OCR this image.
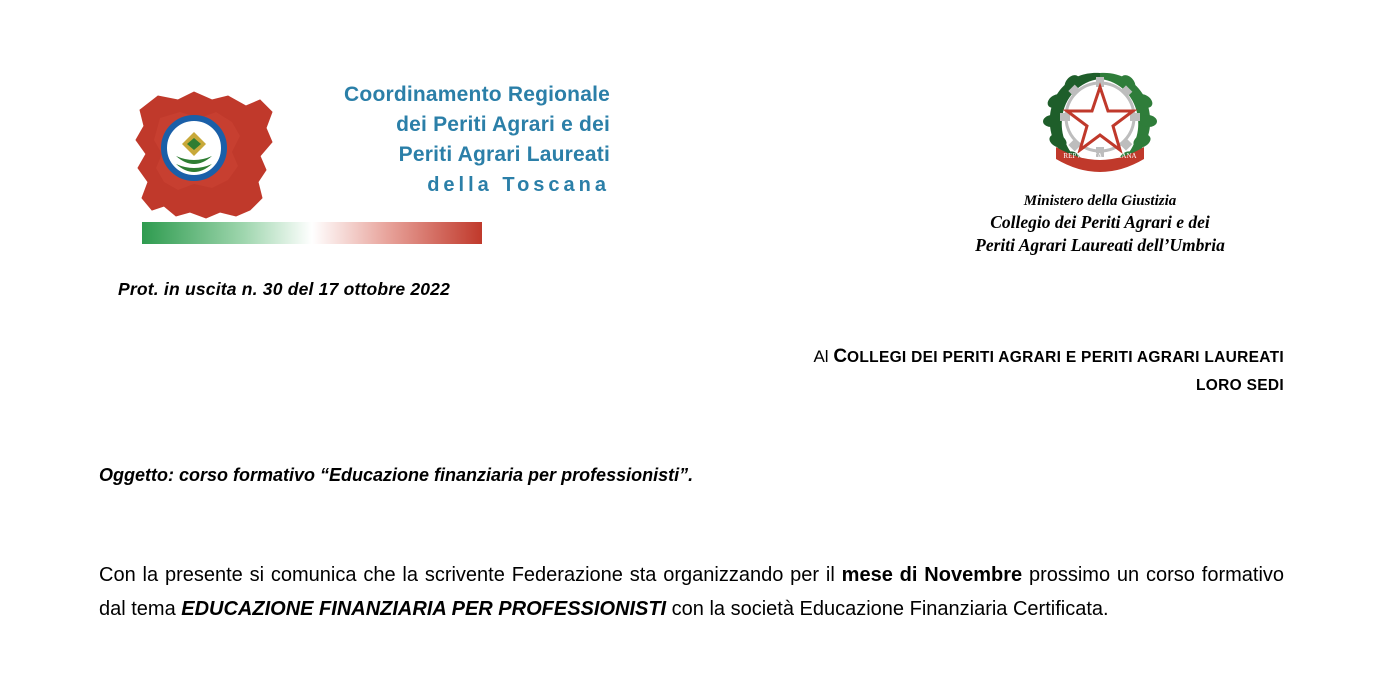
Coordinamento Regionale
dei Periti Agrari e dei
Periti Agrari Laureati
della Toscana
REPVBLICA ITALIANA
Ministero della Giustizia
Collegio dei Periti Agrari e dei
Periti Agrari Laureati dell’Umbria
Prot. in uscita n. 30 del 17 ottobre 2022
Al COLLEGI DEI PERITI AGRARI E PERITI AGRARI LAUREATI
LORO SEDI
Oggetto: corso formativo “Educazione finanziaria per professionisti”.
Con la presente si comunica che la scrivente Federazione sta organizzando per il mese di Novembre prossimo un corso formativo dal tema EDUCAZIONE FINANZIARIA PER PROFESSIONISTI con la società Educazione Finanziaria Certificata.
